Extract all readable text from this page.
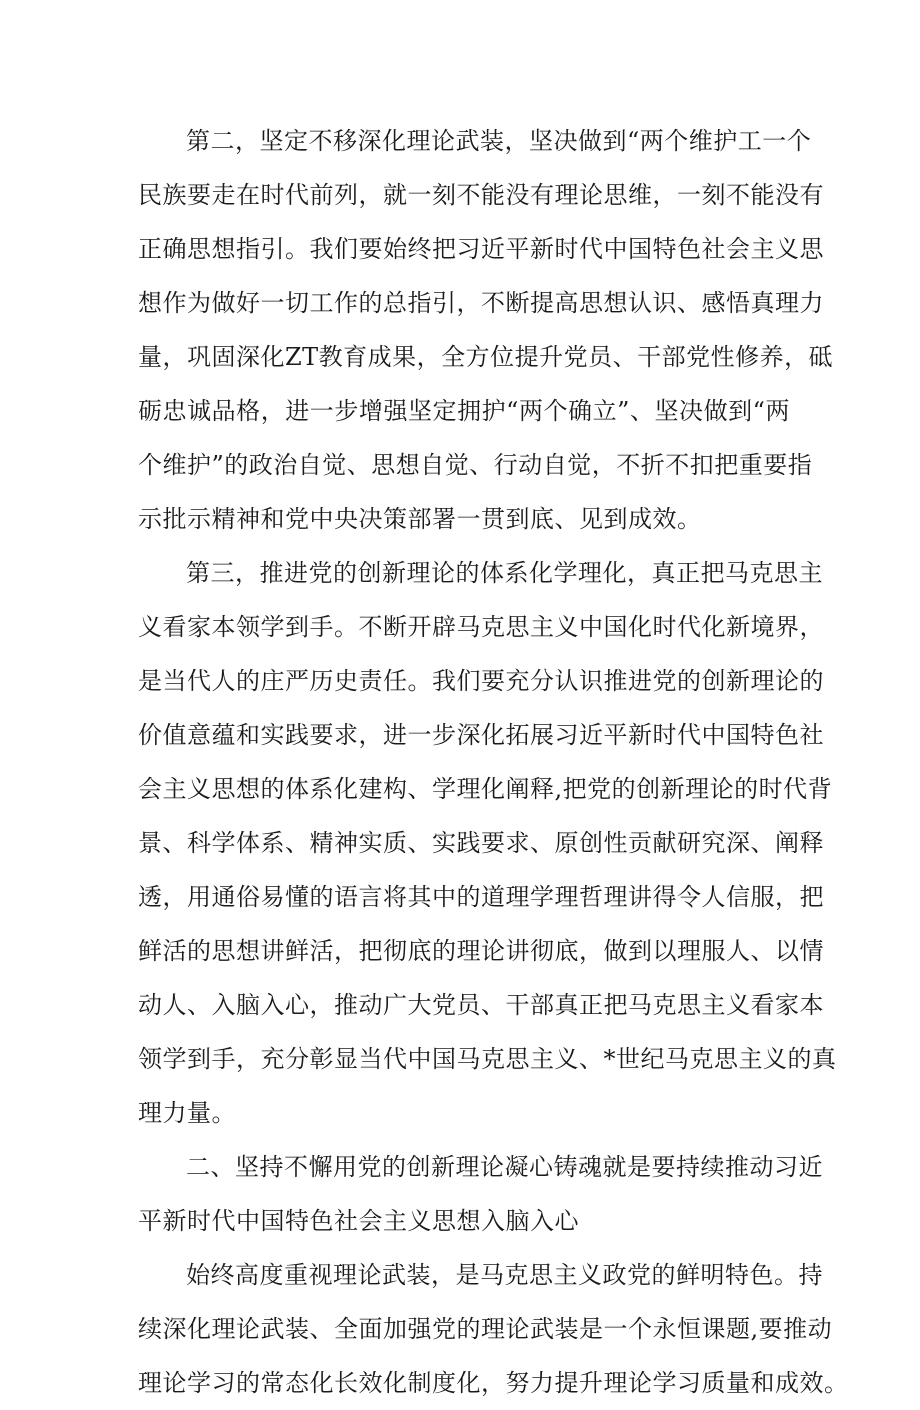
第二，坚定不移深化理论武装，坚决做到“两个维护工一个
民族要走在时代前列，就一刻不能没有理论思维，一刻不能没有
正确思想指引。我们要始终把习近平新时代中国特色社会主义思
想作为做好一切工作的总指引，不断提高思想认识、感悟真理力
量，巩固深化ZT教育成果，全方位提升党员、干部党性修养，砥
砺忠诚品格，进一步增强坚定拥护“两个确立”、坚决做到“两
个维护”的政治自觉、思想自觉、行动自觉，不折不扣把重要指
示批示精神和党中央决策部署一贯到底、见到成效。
第三，推进党的创新理论的体系化学理化，真正把马克思主
义看家本领学到手。不断开辟马克思主义中国化时代化新境界，
是当代人的庄严历史责任。我们要充分认识推进党的创新理论的
价值意蕴和实践要求，进一步深化拓展习近平新时代中国特色社
会主义思想的体系化建构、学理化阐释,把党的创新理论的时代背
景、科学体系、精神实质、实践要求、原创性贡献研究深、阐释
透，用通俗易懂的语言将其中的道理学理哲理讲得令人信服，把
鲜活的思想讲鲜活，把彻底的理论讲彻底，做到以理服人、以情
动人、入脑入心，推动广大党员、干部真正把马克思主义看家本
领学到手，充分彰显当代中国马克思主义、*世纪马克思主义的真
理力量。
二、坚持不懈用党的创新理论凝心铸魂就是要持续推动习近
平新时代中国特色社会主义思想入脑入心
始终高度重视理论武装，是马克思主义政党的鲜明特色。持
续深化理论武装、全面加强党的理论武装是一个永恒课题,要推动
理论学习的常态化长效化制度化，努力提升理论学习质量和成效。
